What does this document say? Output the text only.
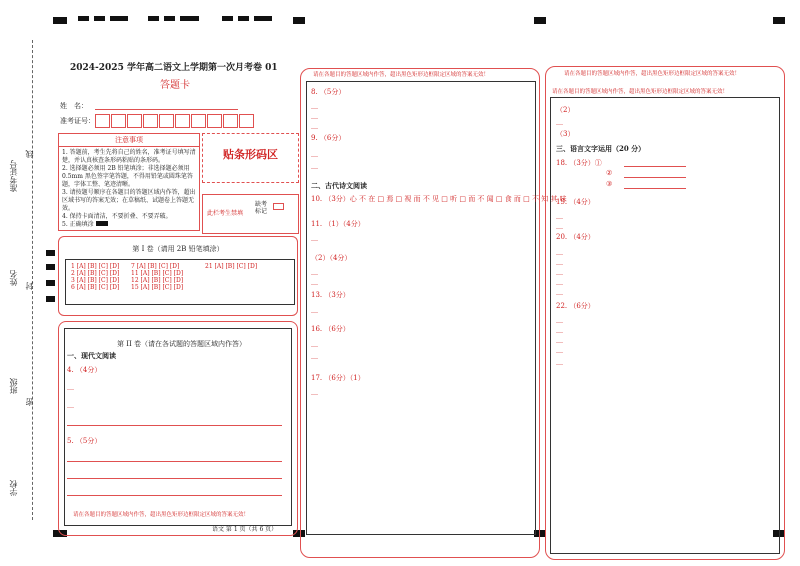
准考证号
线
姓名 封
班级
密
学校
2024-2025 学年高二语文上学期第一次月考卷 01
答题卡
姓　名：
准考证号：
注意事项
1. 答题前，考生先将自己的姓名，准考证号填写清楚，并认真核查条形码粘贴的条形码。
2. 选择题必须用 2B 铅笔填涂；非选择题必须用 0.5mm 黑色签字笔答题，不得用铅笔或圆珠笔答题，字体工整、笔迹清晰。
3. 请按题号顺序在各题目的答题区域内作答，超出区域书写的答案无效；在草稿纸、试题卷上答题无效。
4. 保持卡面清洁，不要折叠、不要弄破。
5. 正确填涂
贴条形码区
此栏考生禁填
缺考标记
第 I 卷（请用 2B 铅笔填涂）
1 [A] [B] [C] [D]
2 [A] [B] [C] [D]
3 [A] [B] [C] [D]
6 [A] [B] [C] [D]
7 [A] [B] [C] [D]
11 [A] [B] [C] [D]
12 [A] [B] [C] [D]
15 [A] [B] [C] [D]
21 [A] [B] [C] [D]
第 II 卷（请在各试题的答题区域内作答）
一、现代文阅读
4. （4分）
__
__
5. （5分）
请在各题目的答题区域内作答，超出黑色矩形边框限定区域的答案无效！
语文 第 1 页（共 6 页）
请在各题目的答题区域内作答，超出黑色矩形边框限定区域的答案无效！
8. （5分）
__
__
__
9. （6分）
__
__
二、古代诗文阅读
10. （3分）心 不 在 □ 焉 □ 视 而 不 见 □ 听 □ 而 不 闻 □ 食 而 □ 不 知 其 味
11. （1）（4分）
__
（2）（4分）
__
__
13. （3分）
__
16. （6分）
__
__
17. （6分）（1）
__
请在各题目的答题区域内作答，超出黑色矩形边框限定区域的答案无效！
请在各题目的答题区域内作答，超出黑色矩形边框限定区域的答案无效！
（2）
__
（3）
三、语言文字运用（20 分）
18. （3分）①
②
③
19. （4分）
__
__
20. （4分）
__
__
__
__
__
22. （6分）
__
__
__
__
__
